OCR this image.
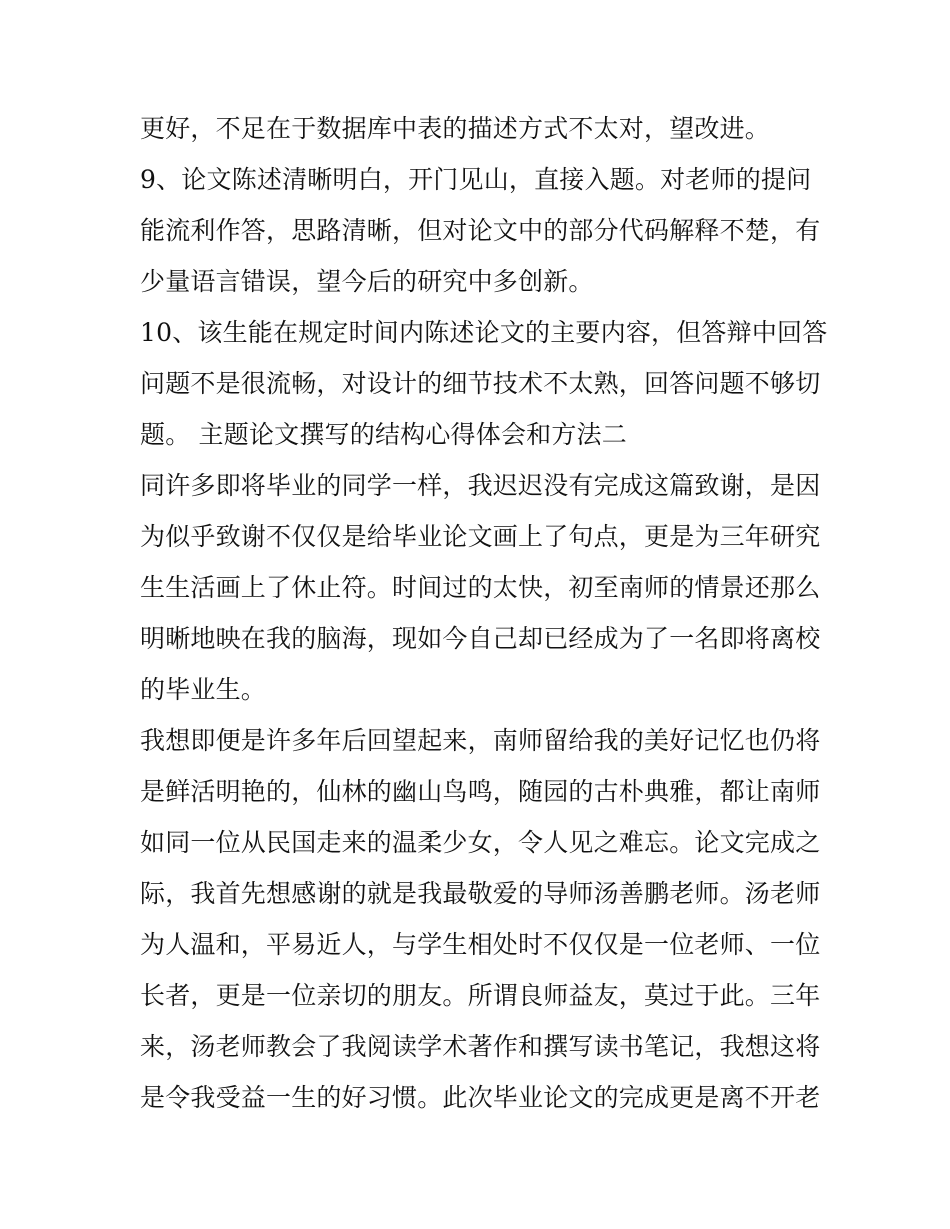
更好，不足在于数据库中表的描述方式不太对，望改进。
9、论文陈述清晰明白，开门见山，直接入题。对老师的提问
能流利作答，思路清晰，但对论文中的部分代码解释不楚，有
少量语言错误，望今后的研究中多创新。
10、该生能在规定时间内陈述论文的主要内容，但答辩中回答
问题不是很流畅，对设计的细节技术不太熟，回答问题不够切
题。 主题论文撰写的结构心得体会和方法二
同许多即将毕业的同学一样，我迟迟没有完成这篇致谢，是因
为似乎致谢不仅仅是给毕业论文画上了句点，更是为三年研究
生生活画上了休止符。时间过的太快，初至南师的情景还那么
明晰地映在我的脑海，现如今自己却已经成为了一名即将离校
的毕业生。
我想即便是许多年后回望起来，南师留给我的美好记忆也仍将
是鲜活明艳的，仙林的幽山鸟鸣，随园的古朴典雅，都让南师
如同一位从民国走来的温柔少女，令人见之难忘。论文完成之
际，我首先想感谢的就是我最敬爱的导师汤善鹏老师。汤老师
为人温和，平易近人，与学生相处时不仅仅是一位老师、一位
长者，更是一位亲切的朋友。所谓良师益友，莫过于此。三年
来，汤老师教会了我阅读学术著作和撰写读书笔记，我想这将
是令我受益一生的好习惯。此次毕业论文的完成更是离不开老
